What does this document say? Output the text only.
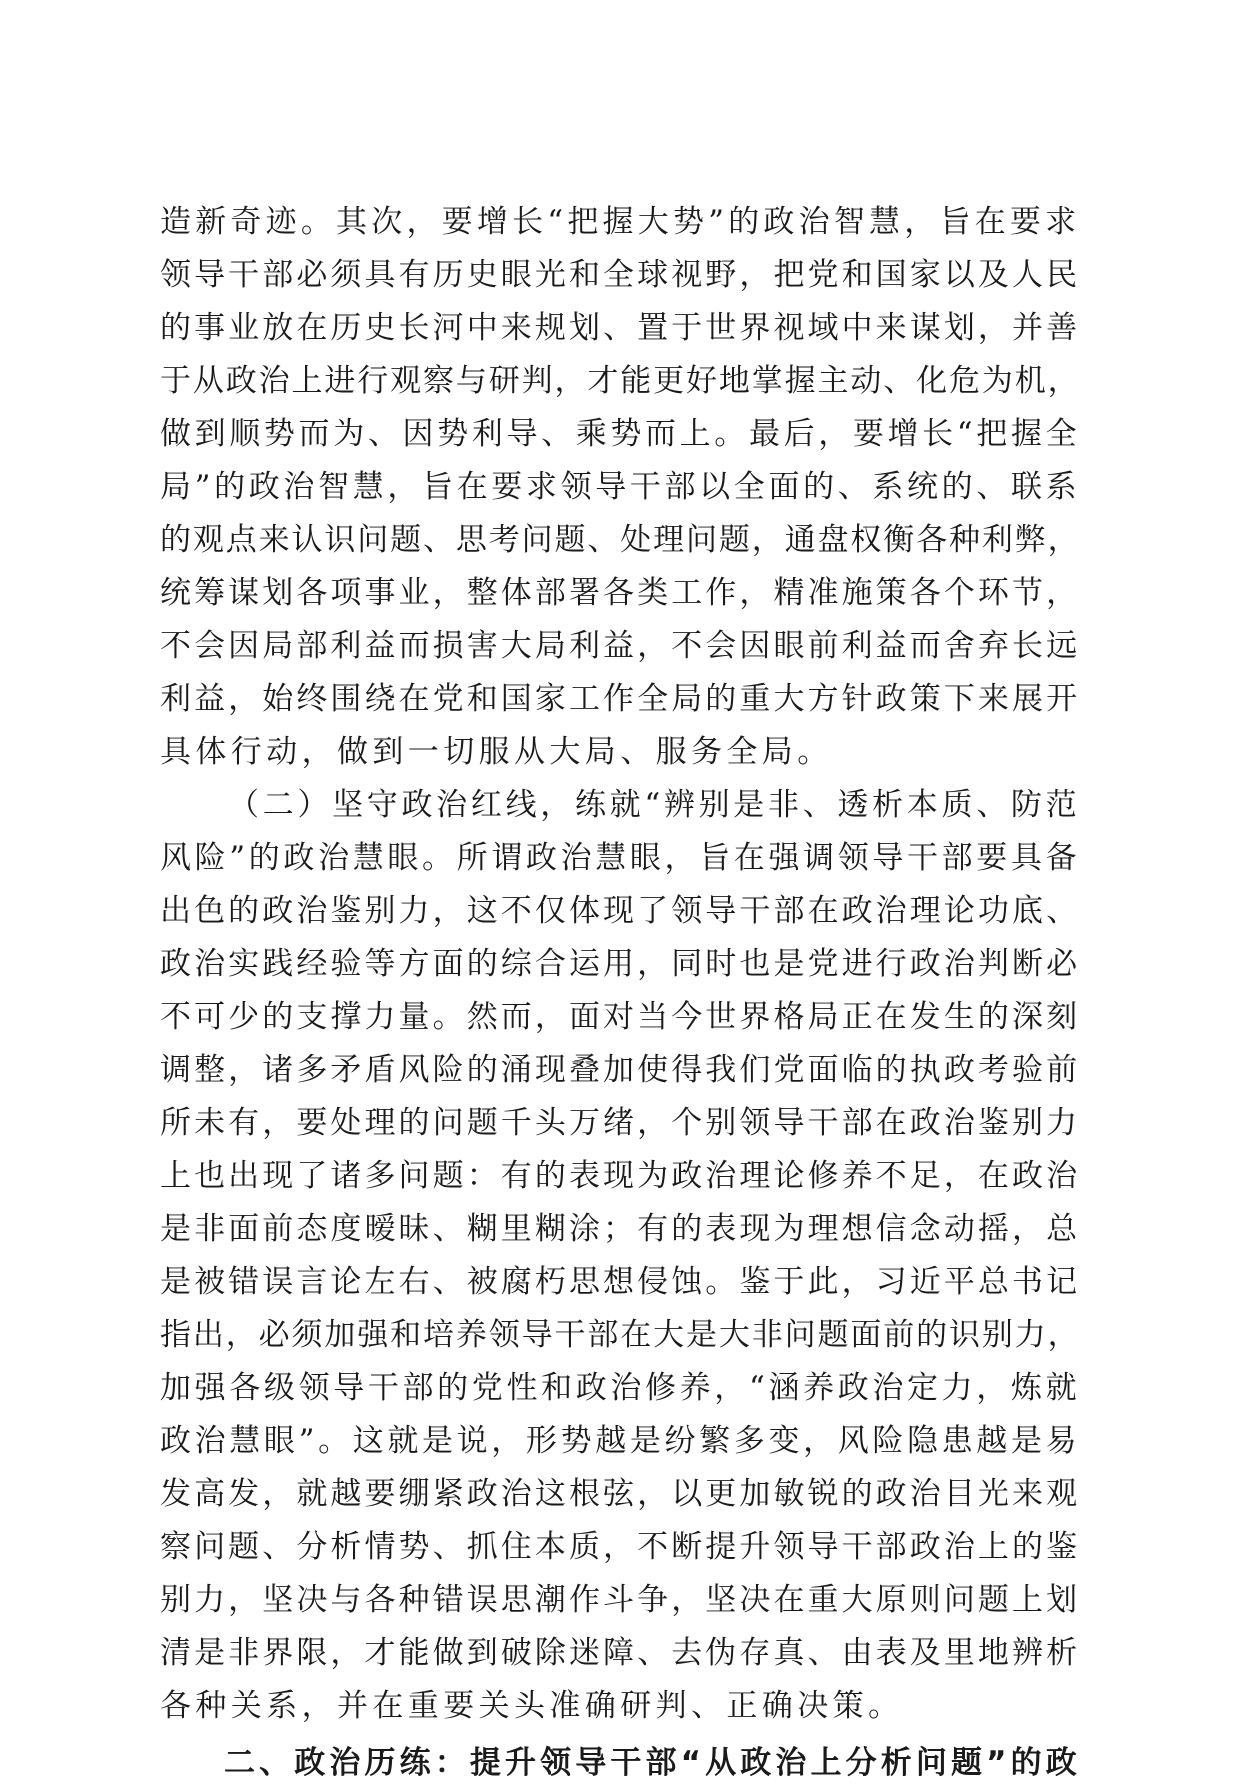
造新奇迹。其次，要增长“把握大势”的政治智慧，旨在要求
领导干部必须具有历史眼光和全球视野，把党和国家以及人民
的事业放在历史长河中来规划、置于世界视域中来谋划，并善
于从政治上进行观察与研判，才能更好地掌握主动、化危为机，
做到顺势而为、因势利导、乘势而上。最后，要增长“把握全
局”的政治智慧，旨在要求领导干部以全面的、系统的、联系
的观点来认识问题、思考问题、处理问题，通盘权衡各种利弊，
统筹谋划各项事业，整体部署各类工作，精准施策各个环节，
不会因局部利益而损害大局利益，不会因眼前利益而舍弃长远
利益，始终围绕在党和国家工作全局的重大方针政策下来展开
具体行动，做到一切服从大局、服务全局。
（二）坚守政治红线，练就“辨别是非、透析本质、防范
风险”的政治慧眼。所谓政治慧眼，旨在强调领导干部要具备
出色的政治鉴别力，这不仅体现了领导干部在政治理论功底、
政治实践经验等方面的综合运用，同时也是党进行政治判断必
不可少的支撑力量。然而，面对当今世界格局正在发生的深刻
调整，诸多矛盾风险的涌现叠加使得我们党面临的执政考验前
所未有，要处理的问题千头万绪，个别领导干部在政治鉴别力
上也出现了诸多问题：有的表现为政治理论修养不足，在政治
是非面前态度暧昧、糊里糊涂；有的表现为理想信念动摇，总
是被错误言论左右、被腐朽思想侵蚀。鉴于此，习近平总书记
指出，必须加强和培养领导干部在大是大非问题面前的识别力，
加强各级领导干部的党性和政治修养，“涵养政治定力，炼就
政治慧眼”。这就是说，形势越是纷繁多变，风险隐患越是易
发高发，就越要绷紧政治这根弦，以更加敏锐的政治目光来观
察问题、分析情势、抓住本质，不断提升领导干部政治上的鉴
别力，坚决与各种错误思潮作斗争，坚决在重大原则问题上划
清是非界限，才能做到破除迷障、去伪存真、由表及里地辨析
各种关系，并在重要关头准确研判、正确决策。
二、政治历练：提升领导干部“从政治上分析问题”的政
